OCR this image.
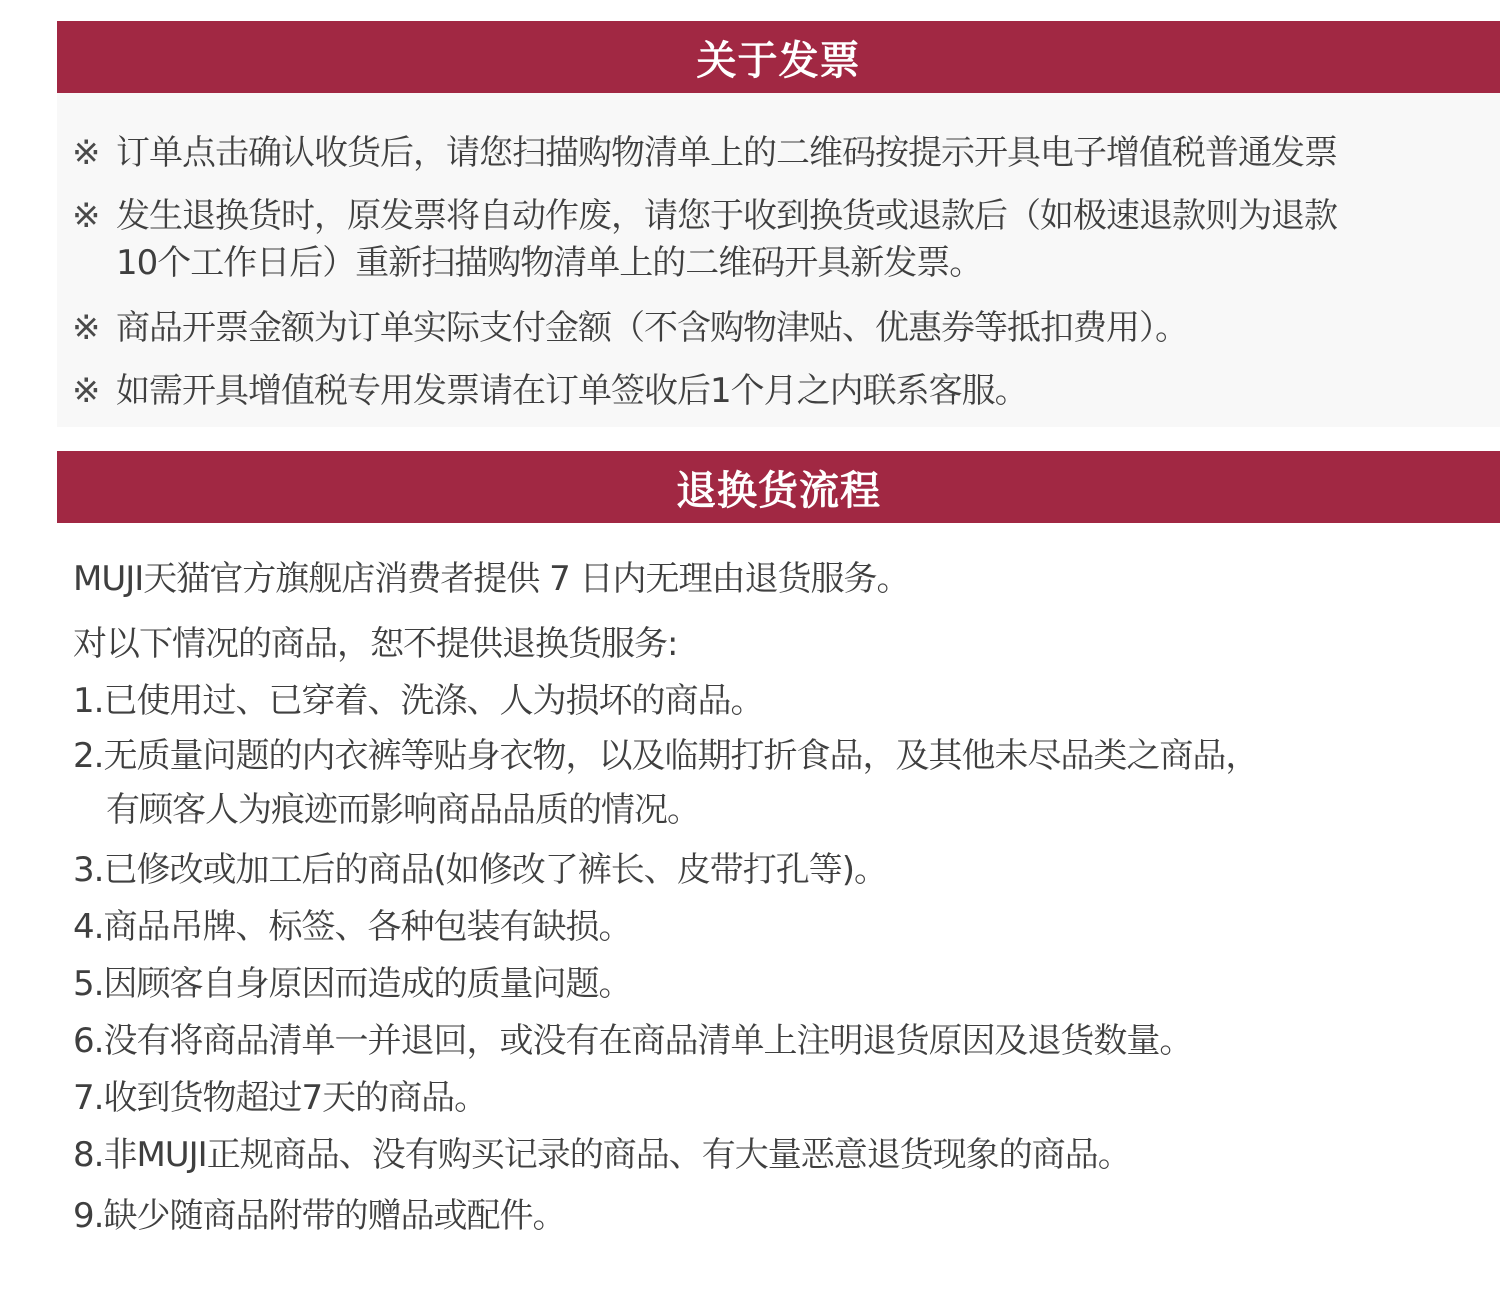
关于发票
※ 订单点击确认收货后，请您扫描购物清单上的二维码按提示开具电子增值税普通发票
※ 发生退换货时，原发票将自动作废，请您于收到换货或退款后（如极速退款则为退款
10个工作日后）重新扫描购物清单上的二维码开具新发票。
※ 商品开票金额为订单实际支付金额（不含购物津贴、优惠券等抵扣费用）。
※ 如需开具增值税专用发票请在订单签收后1个月之内联系客服。
退换货流程
MUJI天猫官方旗舰店消费者提供 7 日内无理由退货服务。
对以下情况的商品，恕不提供退换货服务:
1.已使用过、已穿着、洗涤、人为损坏的商品。
2.无质量问题的内衣裤等贴身衣物，以及临期打折食品，及其他未尽品类之商品，
有顾客人为痕迹而影响商品品质的情况。
3.已修改或加工后的商品(如修改了裤长、皮带打孔等)。
4.商品吊牌、标签、各种包装有缺损。
5.因顾客自身原因而造成的质量问题。
6.没有将商品清单一并退回，或没有在商品清单上注明退货原因及退货数量。
7.收到货物超过7天的商品。
8.非MUJI正规商品、没有购买记录的商品、有大量恶意退货现象的商品。
9.缺少随商品附带的赠品或配件。
